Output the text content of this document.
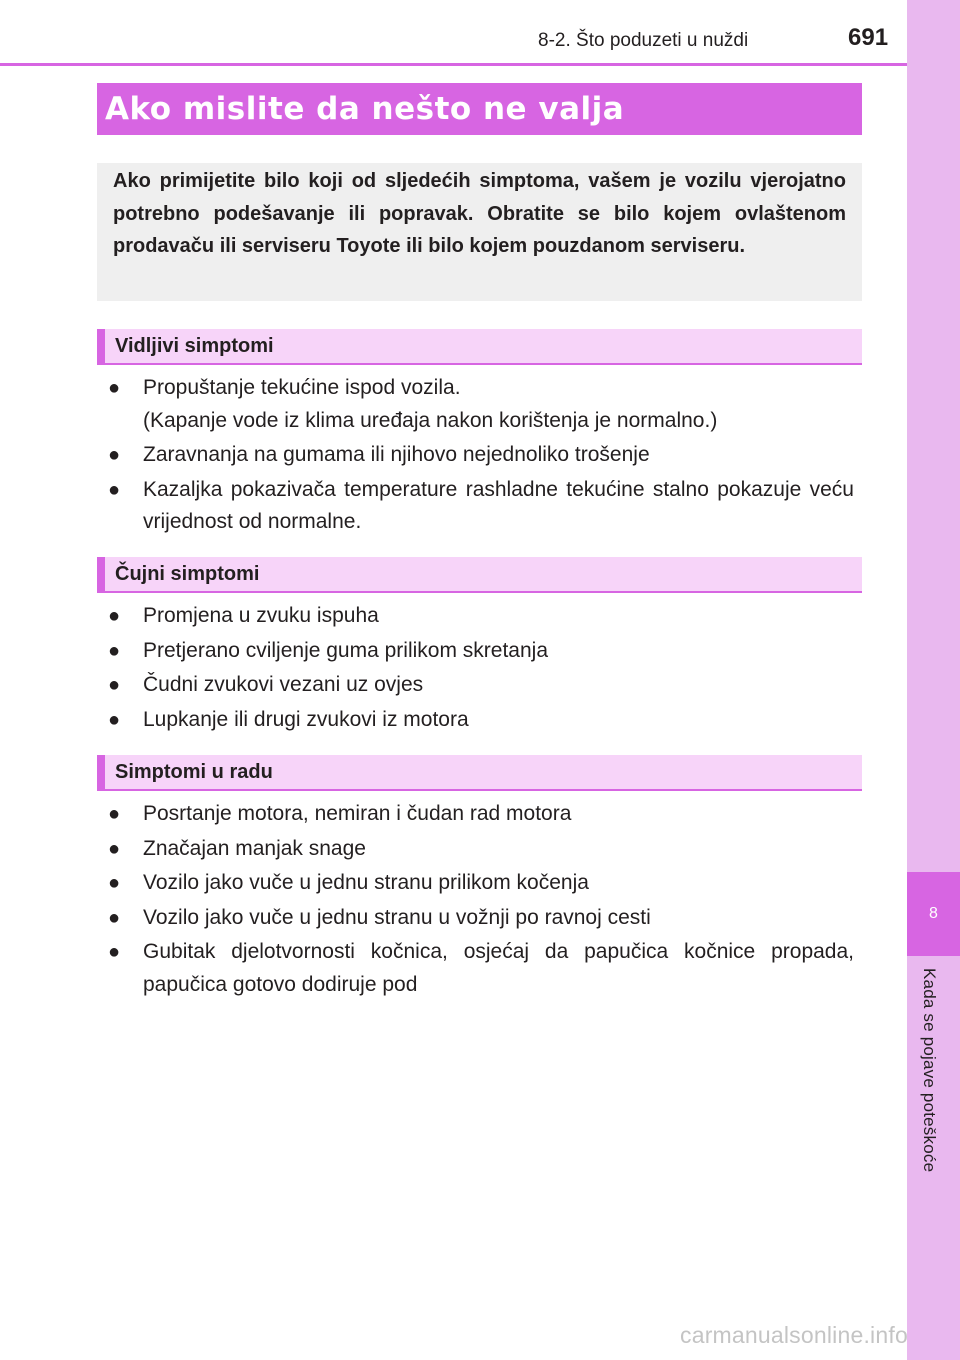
8
Kada se pojave poteškoće
8-2. Što poduzeti u nuždi	691
Ako mislite da nešto ne valja
Ako primijetite bilo koji od sljedećih simptoma, vašem je vozilu vjerojatno potrebno podešavanje ili popravak. Obratite se bilo kojem ovlaštenom prodavaču ili serviseru Toyote ili bilo kojem pouzdanom serviseru.
Vidljivi simptomi
●	Propuštanje tekućine ispod vozila.
(Kapanje vode iz klima uređaja nakon korištenja je normalno.)
●	Zaravnanja na gumama ili njihovo nejednoliko trošenje
●	Kazaljka pokazivača temperature rashladne tekućine stalno pokazuje veću vrijednost od normalne.
Čujni simptomi
●	Promjena u zvuku ispuha
●	Pretjerano cviljenje guma prilikom skretanja
●	Čudni zvukovi vezani uz ovjes
●	Lupkanje ili drugi zvukovi iz motora
Simptomi u radu
●	Posrtanje motora, nemiran i čudan rad motora
●	Značajan manjak snage
●	Vozilo jako vuče u jednu stranu prilikom kočenja
●	Vozilo jako vuče u jednu stranu u vožnji po ravnoj cesti
●	Gubitak djelotvornosti kočnica, osjećaj da papučica kočnice propada, papučica gotovo dodiruje pod
carmanualsonline.info
